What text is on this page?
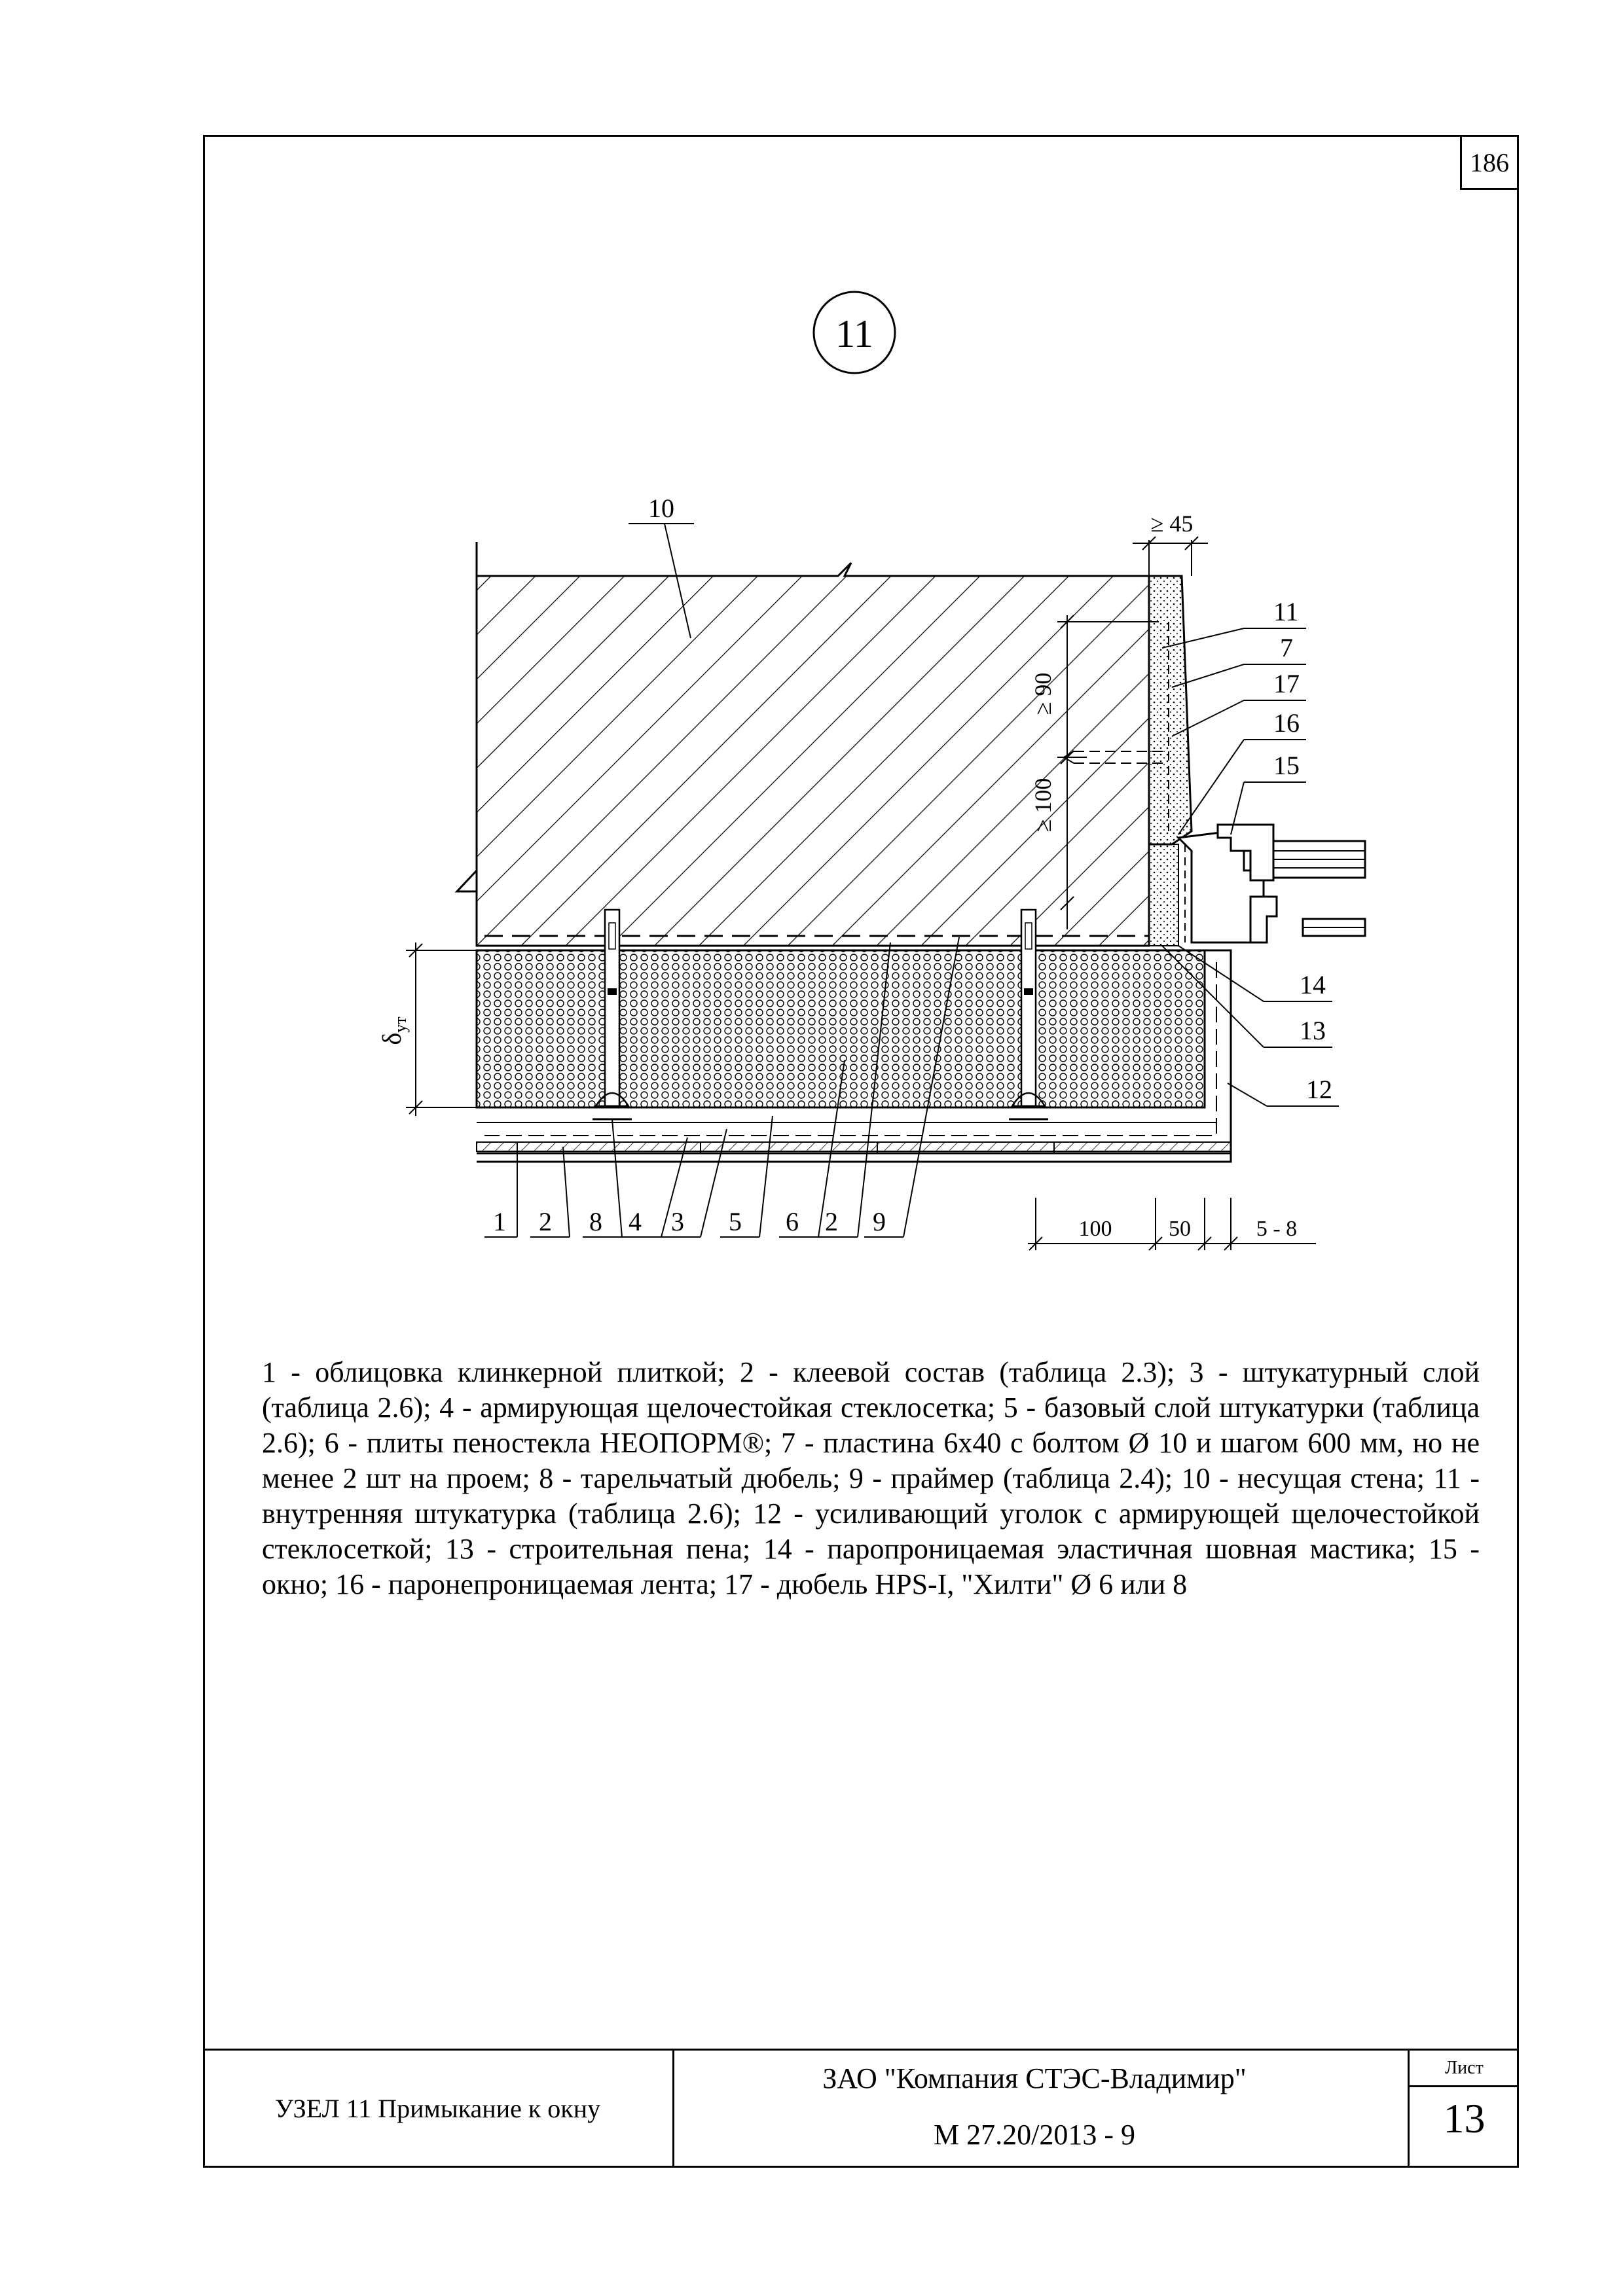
186
11
≥ 45
≥ 90
≥ 100
$\delta_{ут}$
100	50	5 - 8
10
11
7
17
16
15
14
13
12
1 2 8 4 3 5 6 2 9
1 - облицовка клинкерной плиткой; 2 - клеевой состав (таблица 2.3); 3 - штукатурный слой (таблица 2.6); 4 - армирующая щелочестойкая стеклосетка; 5 - базовый слой штукатурки (таблица 2.6); 6 - плиты пеностекла НЕОПОРМ®; 7 - пластина 6х40 с болтом Ø 10 и шагом 600 мм, но не менее 2 шт на проем; 8 - тарельчатый дюбель; 9 - праймер (таблица 2.4); 10 - несущая стена; 11 - внутренняя штукатурка (таблица 2.6); 12 - усиливающий уголок с армирующей щелочестойкой стеклосеткой; 13 - строительная пена; 14 - паропроницаемая эластичная шовная мастика; 15 - окно; 16 - паронепроницаемая лента; 17 - дюбель HPS-I, "Хилти" Ø 6 или 8
УЗЕЛ 11 Примыкание к окну
ЗАО "Компания СТЭС-Владимир"
М 27.20/2013 - 9
Лист
13
